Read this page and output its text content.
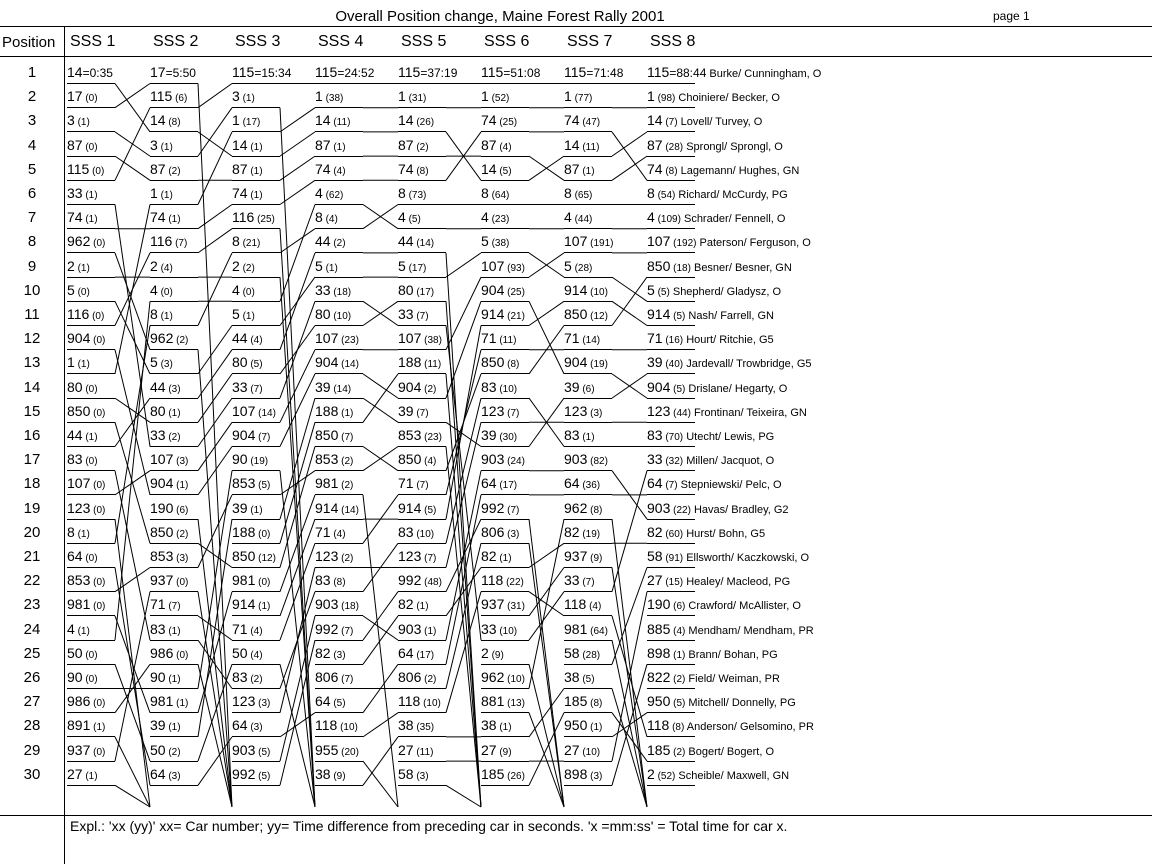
Overall Position change, Maine Forest Rally 2001	page 1
Position SSS 1 SSS 2 SSS 3 SSS 4 SSS 5 SSS 6 SSS 7 SSS 8
1
2
3
4
5
6
7
8
9
10
11
12
13
14
15
16
17
18
19
20
21
22
23
24
25
26
27
28
29
30
14=0:35
17 (0)
3 (1)
87 (0)
115 (0)
33 (1)
74 (1)
962 (0)
2 (1)
5 (0)
116 (0)
904 (0)
1 (1)
80 (0)
850 (0)
44 (1)
83 (0)
107 (0)
123 (0)
8 (1)
64 (0)
853 (0)
981 (0)
4 (1)
50 (0)
90 (0)
986 (0)
891 (1)
937 (0)
27 (1)
17=5:50
115 (6)
14 (8)
3 (1)
87 (2)
1 (1)
74 (1)
116 (7)
2 (4)
4 (0)
8 (1)
962 (2)
5 (3)
44 (3)
80 (1)
33 (2)
107 (3)
904 (1)
190 (6)
850 (2)
853 (3)
937 (0)
71 (7)
83 (1)
986 (0)
90 (1)
981 (1)
39 (1)
50 (2)
64 (3)
115=15:34
3 (1)
1 (17)
14 (1)
87 (1)
74 (1)
116 (25)
8 (21)
2 (2)
4 (0)
5 (1)
44 (4)
80 (5)
33 (7)
107 (14)
904 (7)
90 (19)
853 (5)
39 (1)
188 (0)
850 (12)
981 (0)
914 (1)
71 (4)
50 (4)
83 (2)
123 (3)
64 (3)
903 (5)
992 (5)
115=24:52
1 (38)
14 (11)
87 (1)
74 (4)
4 (62)
8 (4)
44 (2)
5 (1)
33 (18)
80 (10)
107 (23)
904 (14)
39 (14)
188 (1)
850 (7)
853 (2)
981 (2)
914 (14)
71 (4)
123 (2)
83 (8)
903 (18)
992 (7)
82 (3)
806 (7)
64 (5)
118 (10)
955 (20)
38 (9)
115=37:19
1 (31)
14 (26)
87 (2)
74 (8)
8 (73)
4 (5)
44 (14)
5 (17)
80 (17)
33 (7)
107 (38)
188 (11)
904 (2)
39 (7)
853 (23)
850 (4)
71 (7)
914 (5)
83 (10)
123 (7)
992 (48)
82 (1)
903 (1)
64 (17)
806 (2)
118 (10)
38 (35)
27 (11)
58 (3)
115=51:08
1 (52)
74 (25)
87 (4)
14 (5)
8 (64)
4 (23)
5 (38)
107 (93)
904 (25)
914 (21)
71 (11)
850 (8)
83 (10)
123 (7)
39 (30)
903 (24)
64 (17)
992 (7)
806 (3)
82 (1)
118 (22)
937 (31)
33 (10)
2 (9)
962 (10)
881 (13)
38 (1)
27 (9)
185 (26)
115=71:48
1 (77)
74 (47)
14 (11)
87 (1)
8 (65)
4 (44)
107 (191)
5 (28)
914 (10)
850 (12)
71 (14)
904 (19)
39 (6)
123 (3)
83 (1)
903 (82)
64 (36)
962 (8)
82 (19)
937 (9)
33 (7)
118 (4)
981 (64)
58 (28)
38 (5)
185 (8)
950 (1)
27 (10)
898 (3)
115=88:44 Burke/ Cunningham, O
1 (98) Choiniere/ Becker, O
14 (7) Lovell/ Turvey, O
87 (28) Sprongl/ Sprongl, O
74 (8) Lagemann/ Hughes, GN
8 (54) Richard/ McCurdy, PG
4 (109) Schrader/ Fennell, O
107 (192) Paterson/ Ferguson, O
850 (18) Besner/ Besner, GN
5 (5) Shepherd/ Gladysz, O
914 (5) Nash/ Farrell, GN
71 (16) Hourt/ Ritchie, G5
39 (40) Jardevall/ Trowbridge, G5
904 (5) Drislane/ Hegarty, O
123 (44) Frontinan/ Teixeira, GN
83 (70) Utecht/ Lewis, PG
33 (32) Millen/ Jacquot, O
64 (7) Stepniewski/ Pelc, O
903 (22) Havas/ Bradley, G2
82 (60) Hurst/ Bohn, G5
58 (91) Ellsworth/ Kaczkowski, O
27 (15) Healey/ Macleod, PG
190 (6) Crawford/ McAllister, O
885 (4) Mendham/ Mendham, PR
898 (1) Brann/ Bohan, PG
822 (2) Field/ Weiman, PR
950 (5) Mitchell/ Donnelly, PG
118 (8) Anderson/ Gelsomino, PR
185 (2) Bogert/ Bogert, O
2 (52) Scheible/ Maxwell, GN
Expl.: 'xx (yy)' xx= Car number; yy= Time difference from preceding car in seconds. 'x =mm:ss' = Total time for car x.
